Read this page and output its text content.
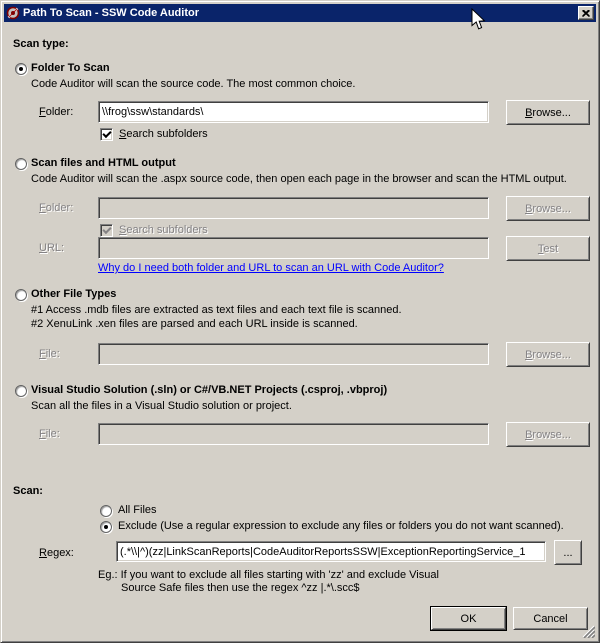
Path To Scan - SSW Code Auditor
Scan type:
Folder To Scan
Code Auditor will scan the source code. The most common choice.
Folder:
\\frog\ssw\standards\	Browse...
Search subfolders
Scan files and HTML output
Code Auditor will scan the .aspx source code, then open each page in the browser and scan the HTML output.
Folder:	Browse...
Search subfolders
URL:	Test
Why do I need both folder and URL to scan an URL with Code Auditor?
Other File Types
#1 Access .mdb files are extracted as text files and each text file is scanned.
#2 XenuLink .xen files are parsed and each URL inside is scanned.
File:	Browse...
Visual Studio Solution (.sln) or C#/VB.NET Projects (.csproj, .vbproj)
Scan all the files in a Visual Studio solution or project.
File:	Browse...
Scan:
All Files
Exclude (Use a regular expression to exclude any files or folders you do not want scanned).
Regex:
(.*\\|^)(zz|LinkScanReports|CodeAuditorReportsSSW|ExceptionReportingService_1	...
Eg.: If you want to exclude all files starting with 'zz' and exclude Visual
Source Safe files then use the regex ^zz |.*\.scc$
OK	Cancel
